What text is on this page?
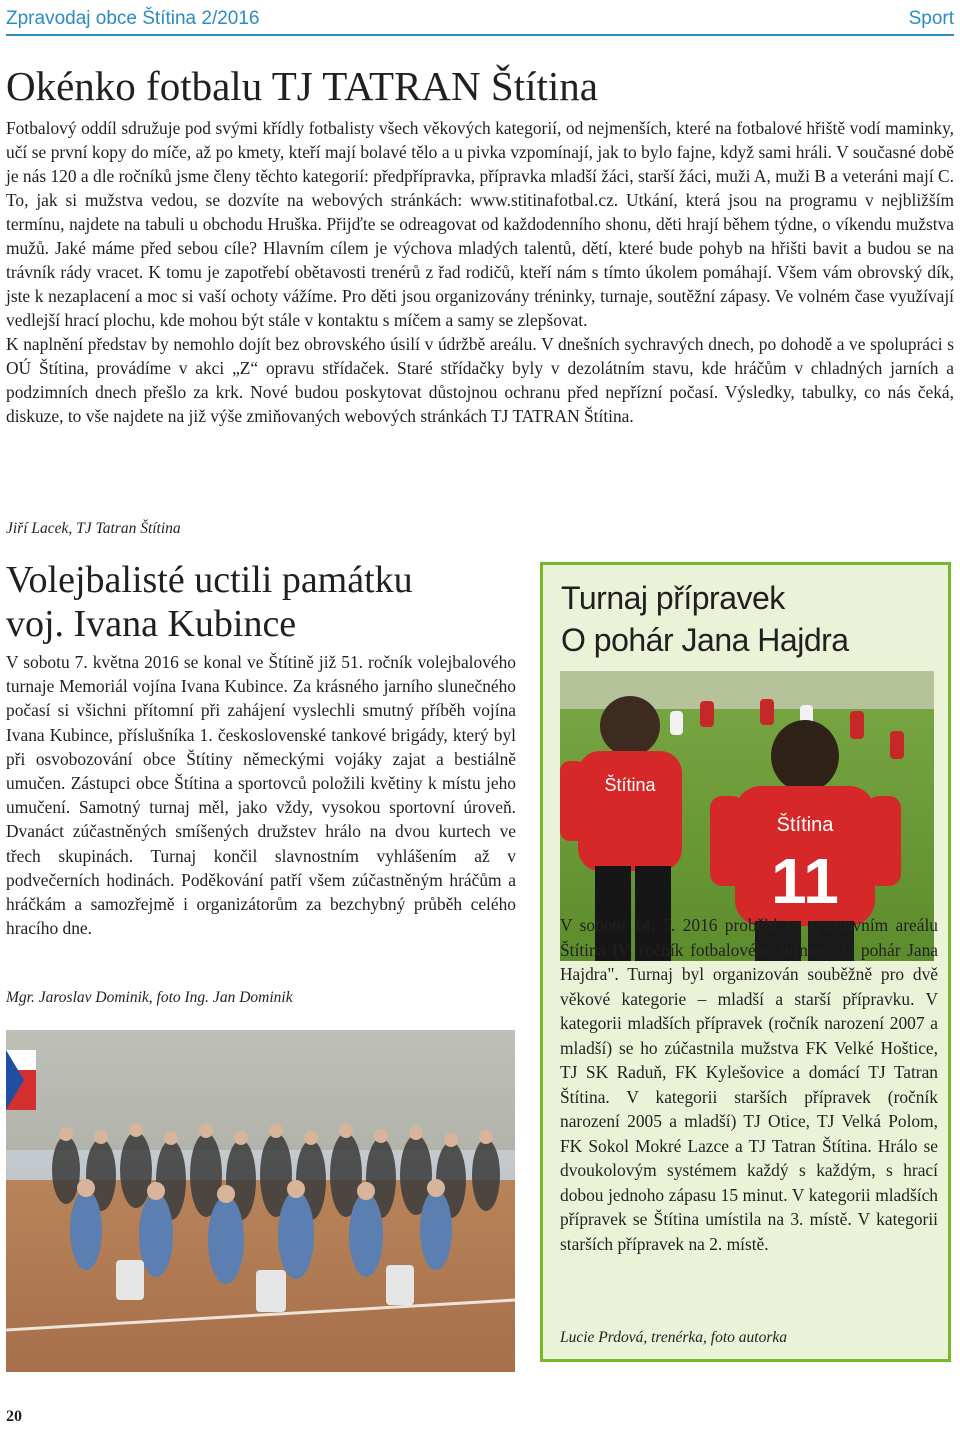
Zpravodaj obce Štítina 2/2016	Sport
Okénko fotbalu TJ TATRAN Štítina

Fotbalový oddíl sdružuje pod svými křídly fotbalisty všech věkových kategorií, od nejmenších, které na fotbalové hřiště vodí maminky, učí se první kopy do míče, až po kmety, kteří mají bolavé tělo a u pivka vzpomínají, jak to bylo fajne, když sami hráli. V současné době je nás 120 a dle ročníků jsme členy těchto kategorií: předpřípravka, přípravka mladší žáci, starší žáci, muži A, muži B a veteráni mají C. To, jak si mužstva vedou, se dozvíte na webových stránkách: www.stitinafotbal.cz. Utkání, která jsou na programu v nejbližším termínu, najdete na tabuli u obchodu Hruška. Přijďte se odreagovat od každodenního shonu, děti hrají během týdne, o víkendu mužstva mužů. Jaké máme před sebou cíle? Hlavním cílem je výchova mladých talentů, dětí, které bude pohyb na hřišti bavit a budou se na trávník rády vracet. K tomu je zapotřebí obětavosti trenérů z řad rodičů, kteří nám s tímto úkolem pomáhají. Všem vám obrovský dík, jste k nezaplacení a moc si vaší ochoty vážíme. Pro děti jsou organizovány tréninky, turnaje, soutěžní zápasy. Ve volném čase využívají vedlejší hrací plochu, kde mohou být stále v kontaktu s míčem a samy se zlepšovat.

K naplnění představ by nemohlo dojít bez obrovského úsilí v údržbě areálu. V dnešních sychravých dnech, po dohodě a ve spolupráci s OÚ Štítina, provádíme v akci „Z“ opravu střídaček. Staré střídačky byly v dezolátním stavu, kde hráčům v chladných jarních a podzimních dnech přešlo za krk. Nové budou poskytovat důstojnou ochranu před nepřízní počasí. Výsledky, tabulky, co nás čeká, diskuze, to vše najdete na již výše zmiňovaných webových stránkách TJ TATRAN Štítina.

Jiří Lacek, TJ Tatran Štítina
Volejbalisté uctili památku
voj. Ivana Kubince
V sobotu 7. května 2016 se konal ve Štítině již 51. ročník volejbalového turnaje Memoriál vojína Ivana Kubince. Za krásného jarního slunečného počasí si všichni přítomní při zahájení vyslechli smutný příběh vojína Ivana Kubince, příslušníka 1. československé tankové brigády, který byl při osvobozování obce Štítiny německými vojáky zajat a bestiálně umučen. Zástupci obce Štítina a sportovců položili květiny k místu jeho umučení. Samotný turnaj měl, jako vždy, vysokou sportovní úroveň. Dvanáct zúčastněných smíšených družstev hrálo na dvou kurtech ve třech skupinách. Turnaj končil slavnostním vyhlášením až v podvečerních hodinách. Poděkování patří všem zúčastněným hráčům a hráčkám a samozřejmě i organizátorům za bezchybný průběh celého hracího dne.
Mgr. Jaroslav Dominik, foto Ing. Jan Dominik
Turnaj přípravek
O pohár Jana Hajdra
Štítina
Štítina
11
V sobotu 14. 5. 2016 proběhl ve sportovním areálu Štítina IV. ročník fotbalového turnaje "O pohár Jana Hajdra". Turnaj byl organizován souběžně pro dvě věkové kategorie – mladší a starší přípravku. V kategorii mladších přípravek (ročník narození 2007 a mladší) se ho zúčastnila mužstva FK Velké Hoštice, TJ SK Raduň, FK Kylešovice a domácí TJ Tatran Štítina. V kategorii starších přípravek (ročník narození 2005 a mladší) TJ Otice, TJ Velká Polom, FK Sokol Mokré Lazce a TJ Tatran Štítina. Hrálo se dvoukolovým systémem každý s každým, s hrací dobou jednoho zápasu 15 minut. V kategorii mladších přípravek se Štítina umístila na 3. místě. V kategorii starších přípravek na 2. místě.
Lucie Prdová, trenérka, foto autorka
20
